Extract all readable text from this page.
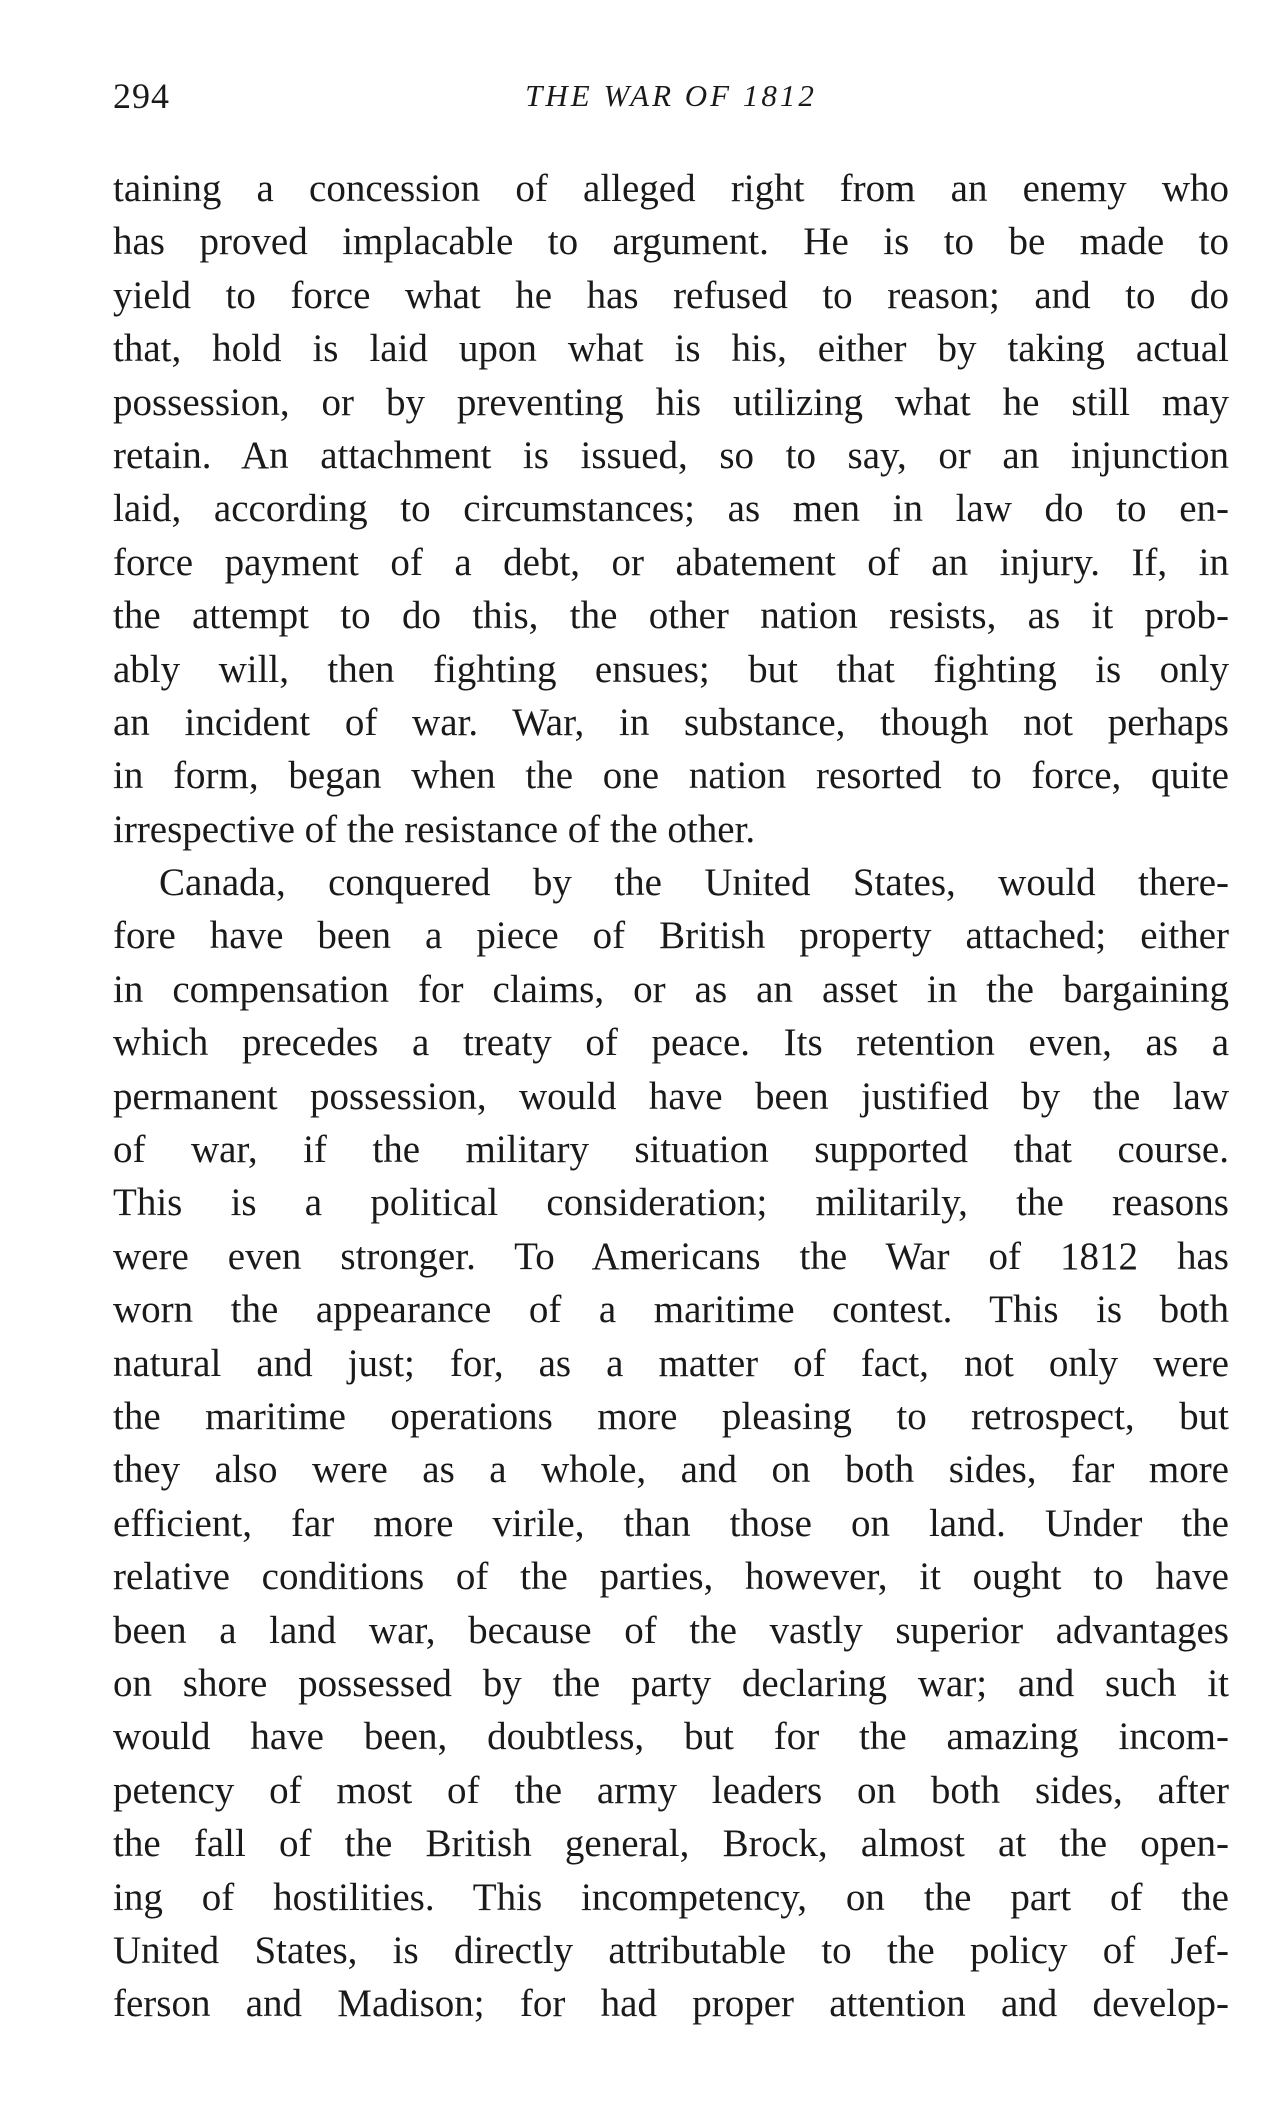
294	THE WAR OF 1812
taining a concession of alleged right from an enemy who
has proved implacable to argument. He is to be made to
yield to force what he has refused to reason; and to do
that, hold is laid upon what is his, either by taking actual
possession, or by preventing his utilizing what he still may
retain. An attachment is issued, so to say, or an injunction
laid, according to circumstances; as men in law do to en-
force payment of a debt, or abatement of an injury. If, in
the attempt to do this, the other nation resists, as it prob-
ably will, then fighting ensues; but that fighting is only
an incident of war. War, in substance, though not perhaps
in form, began when the one nation resorted to force, quite
irrespective of the resistance of the other.
Canada, conquered by the United States, would there-
fore have been a piece of British property attached; either
in compensation for claims, or as an asset in the bargaining
which precedes a treaty of peace. Its retention even, as a
permanent possession, would have been justified by the law
of war, if the military situation supported that course.
This is a political consideration; militarily, the reasons
were even stronger. To Americans the War of 1812 has
worn the appearance of a maritime contest. This is both
natural and just; for, as a matter of fact, not only were
the maritime operations more pleasing to retrospect, but
they also were as a whole, and on both sides, far more
efficient, far more virile, than those on land. Under the
relative conditions of the parties, however, it ought to have
been a land war, because of the vastly superior advantages
on shore possessed by the party declaring war; and such it
would have been, doubtless, but for the amazing incom-
petency of most of the army leaders on both sides, after
the fall of the British general, Brock, almost at the open-
ing of hostilities. This incompetency, on the part of the
United States, is directly attributable to the policy of Jef-
ferson and Madison; for had proper attention and develop-
